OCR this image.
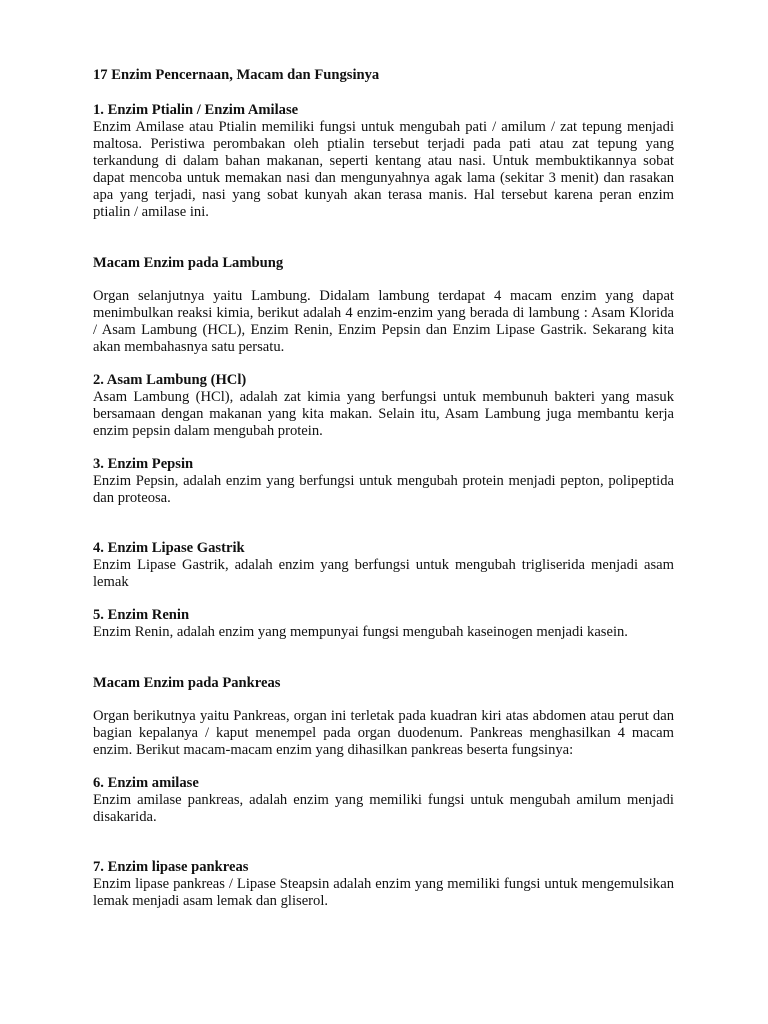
17 Enzim Pencernaan, Macam dan Fungsinya
1. Enzim Ptialin / Enzim Amilase
Enzim Amilase atau Ptialin memiliki fungsi untuk mengubah pati / amilum / zat tepung menjadi maltosa. Peristiwa perombakan oleh ptialin tersebut terjadi pada pati atau zat tepung yang terkandung di dalam bahan makanan, seperti kentang atau nasi. Untuk membuktikannya sobat dapat mencoba untuk memakan nasi dan mengunyahnya agak lama (sekitar 3 menit) dan rasakan apa yang terjadi, nasi yang sobat kunyah akan terasa manis. Hal tersebut karena peran enzim ptialin / amilase ini.
Macam Enzim pada Lambung
Organ selanjutnya yaitu Lambung. Didalam lambung terdapat 4 macam enzim yang dapat menimbulkan reaksi kimia, berikut adalah 4 enzim-enzim yang berada di lambung : Asam Klorida / Asam Lambung (HCL), Enzim Renin, Enzim Pepsin dan Enzim Lipase Gastrik. Sekarang kita akan membahasnya satu persatu.
2. Asam Lambung (HCl)
Asam Lambung (HCl), adalah zat kimia yang berfungsi untuk membunuh bakteri yang masuk bersamaan dengan makanan yang kita makan. Selain itu, Asam Lambung juga membantu kerja enzim pepsin dalam mengubah protein.
3. Enzim Pepsin
Enzim Pepsin, adalah enzim yang berfungsi untuk mengubah protein menjadi pepton, polipeptida dan proteosa.
4. Enzim Lipase Gastrik
Enzim Lipase Gastrik, adalah enzim yang berfungsi untuk mengubah trigliserida menjadi asam lemak
5. Enzim Renin
Enzim Renin, adalah enzim yang mempunyai fungsi mengubah kaseinogen menjadi kasein.
Macam Enzim pada Pankreas
Organ berikutnya yaitu Pankreas, organ ini terletak pada kuadran kiri atas abdomen atau perut dan bagian kepalanya / kaput menempel pada organ duodenum. Pankreas menghasilkan 4 macam enzim. Berikut macam-macam enzim yang dihasilkan pankreas beserta fungsinya:
6. Enzim amilase
Enzim amilase pankreas, adalah enzim yang memiliki fungsi untuk mengubah amilum menjadi disakarida.
7. Enzim lipase pankreas
Enzim lipase pankreas / Lipase Steapsin adalah enzim yang memiliki fungsi untuk mengemulsikan lemak menjadi asam lemak dan gliserol.
